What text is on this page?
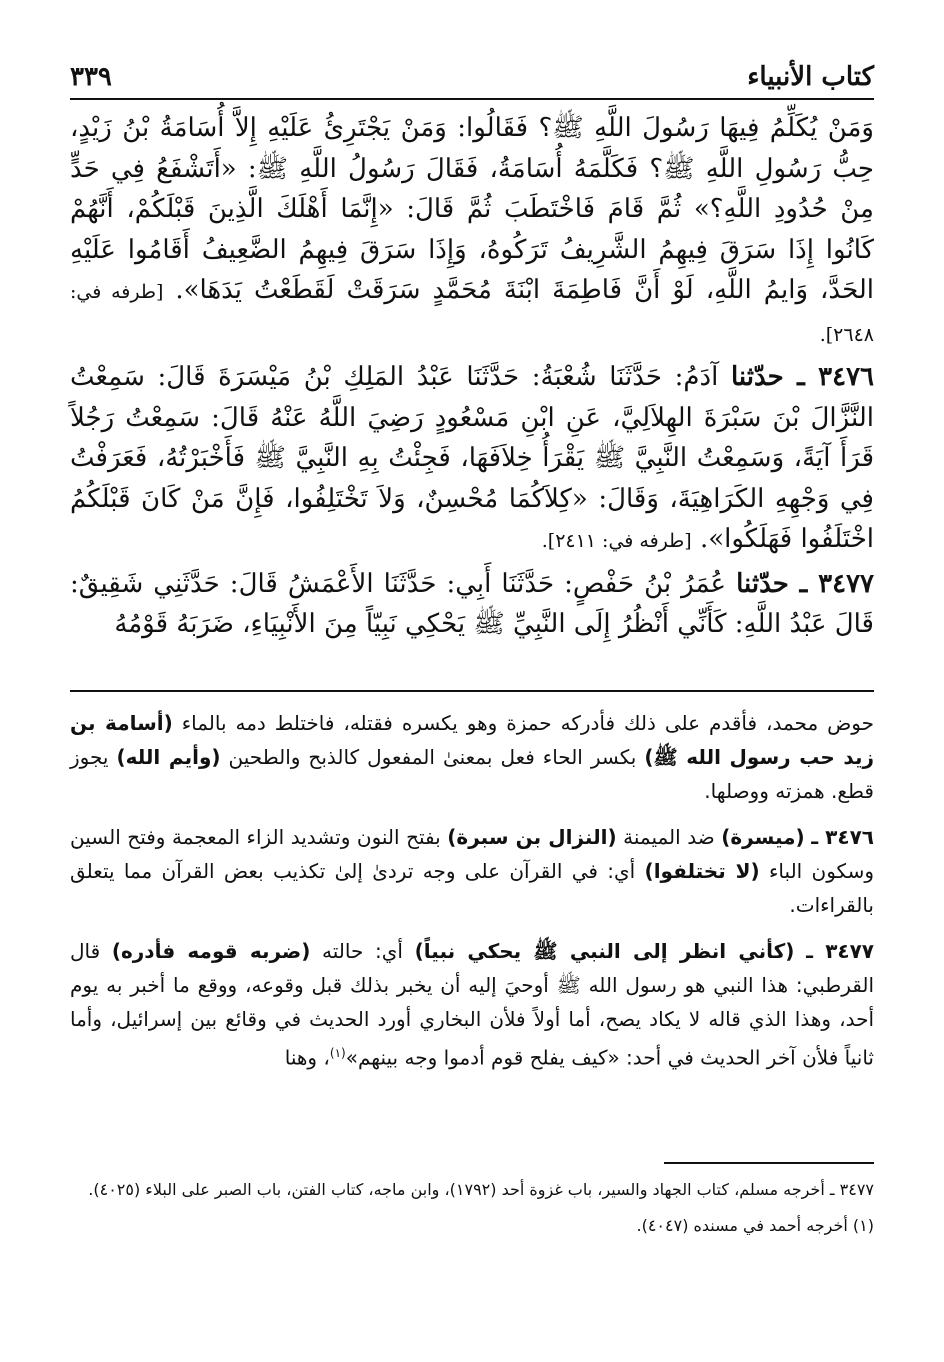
كتاب الأنبياء
٣٣٩

وَمَنْ يُكَلِّمُ فِيهَا رَسُولَ اللَّهِ ﷺ؟ فَقَالُوا: وَمَنْ يَجْتَرِئُ عَلَيْهِ إِلاَّ أُسَامَةُ بْنُ زَيْدٍ، حِبُّ رَسُولِ اللَّهِ ﷺ؟ فَكَلَّمَهُ أُسَامَةُ، فَقَالَ رَسُولُ اللَّهِ ﷺ: «أَتَشْفَعُ فِي حَدٍّ مِنْ حُدُودِ اللَّهِ؟» ثُمَّ قَامَ فَاخْتَطَبَ ثُمَّ قَالَ: «إِنَّمَا أَهْلَكَ الَّذِينَ قَبْلَكُمْ، أَنَّهُمْ كَانُوا إِذَا سَرَقَ فِيهِمُ الشَّرِيفُ تَرَكُوهُ، وَإِذَا سَرَقَ فِيهِمُ الضَّعِيفُ أَقَامُوا عَلَيْهِ الحَدَّ، وَايمُ اللَّهِ، لَوْ أَنَّ فَاطِمَةَ ابْنَةَ مُحَمَّدٍ سَرَقَتْ لَقَطَعْتُ يَدَهَا». [طرفه في: ٢٦٤٨].

٣٤٧٦ ـ حدّثنا آدَمُ: حَدَّثَنَا شُعْبَةُ: حَدَّثَنَا عَبْدُ المَلِكِ بْنُ مَيْسَرَةَ قَالَ: سَمِعْتُ النَّزَّالَ بْنَ سَبْرَةَ الهِلاَلِيَّ، عَنِ ابْنِ مَسْعُودٍ رَضِيَ اللَّهُ عَنْهُ قَالَ: سَمِعْتُ رَجُلاً قَرَأَ آيَةً، وَسَمِعْتُ النَّبِيَّ ﷺ يَقْرَأُ خِلاَفَهَا، فَجِئْتُ بِهِ النَّبِيَّ ﷺ فَأَخْبَرْتُهُ، فَعَرَفْتُ فِي وَجْهِهِ الكَرَاهِيَةَ، وَقَالَ: «كِلاَكُمَا مُحْسِنٌ، وَلاَ تَخْتَلِفُوا، فَإِنَّ مَنْ كَانَ قَبْلَكُمُ اخْتَلَفُوا فَهَلَكُوا». [طرفه في: ٢٤١١].

٣٤٧٧ ـ حدّثنا عُمَرُ بْنُ حَفْصٍ: حَدَّثَنَا أَبِي: حَدَّثَنَا الأَعْمَشُ قَالَ: حَدَّثَنِي شَقِيقٌ: قَالَ عَبْدُ اللَّهِ: كَأَنِّي أَنْظُرُ إِلَى النَّبِيِّ ﷺ يَحْكِي نَبِيّاً مِنَ الأَنْبِيَاءِ، ضَرَبَهُ قَوْمُهُ

حوض محمد، فأقدم على ذلك فأدركه حمزة وهو يكسره فقتله، فاختلط دمه بالماء (أسامة بن زيد حب رسول الله ﷺ) بكسر الحاء فعل بمعنىٰ المفعول كالذبح والطحين (وأيم الله) يجوز قطع. همزته ووصلها.

٣٤٧٦ ـ (ميسرة) ضد الميمنة (النزال بن سبرة) بفتح النون وتشديد الزاء المعجمة وفتح السين وسكون الباء (لا تختلفوا) أي: في القرآن على وجه تردىٰ إلىٰ تكذيب بعض القرآن مما يتعلق بالقراءات.

٣٤٧٧ ـ (كأني انظر إلى النبي ﷺ يحكي نبياً) أي: حالته (ضربه قومه فأدره) قال القرطبي: هذا النبي هو رسول الله ﷺ أوحيَ إليه أن يخبر بذلك قبل وقوعه، ووقع ما أخبر به يوم أحد، وهذا الذي قاله لا يكاد يصح، أما أولاً فلأن البخاري أورد الحديث في وقائع بين إسرائيل، وأما ثانياً فلأن آخر الحديث في أحد: «كيف يفلح قوم أدموا وجه بينهم»$^{(١)}$، وهنا

٣٤٧٧ ـ أخرجه مسلم، كتاب الجهاد والسير، باب غزوة أحد (١٧٩٢)، وابن ماجه، كتاب الفتن، باب الصبر على البلاء (٤٠٢٥).

(١) أخرجه أحمد في مسنده (٤٠٤٧).
